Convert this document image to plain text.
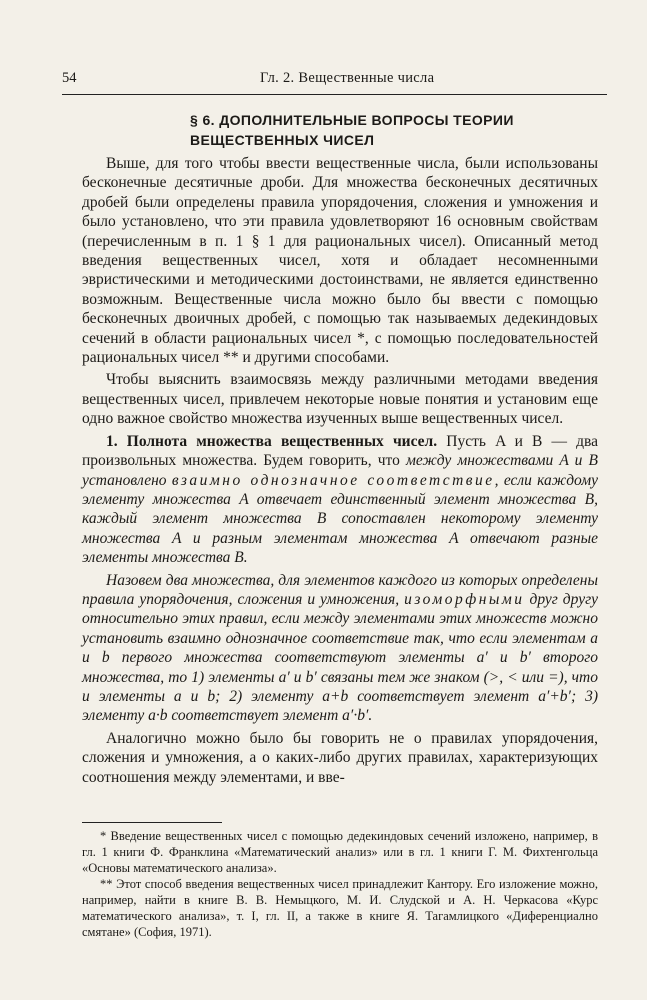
54	Гл. 2. Вещественные числа
§ 6. ДОПОЛНИТЕЛЬНЫЕ ВОПРОСЫ ТЕОРИИ
ВЕЩЕСТВЕННЫХ ЧИСЕЛ

Выше, для того чтобы ввести вещественные числа, были использованы бесконечные десятичные дроби. Для множества бесконечных десятичных дробей были определены правила упорядочения, сложения и умножения и было установлено, что эти правила удовлетворяют 16 основным свойствам (перечисленным в п. 1 § 1 для рациональных чисел). Описанный метод введения вещественных чисел, хотя и обладает несомненными эвристическими и методическими достоинствами, не является единственно возможным. Вещественные числа можно было бы ввести с помощью бесконечных двоичных дробей, с помощью так называемых дедекиндовых сечений в области рациональных чисел *, с помощью последовательностей рациональных чисел ** и другими способами.

Чтобы выяснить взаимосвязь между различными методами введения вещественных чисел, привлечем некоторые новые понятия и установим еще одно важное свойство множества изученных выше вещественных чисел.

1. Полнота множества вещественных чисел. Пусть A и B — два произвольных множества. Будем говорить, что между множествами A и B установлено взаимно однозначное соответствие, если каждому элементу множества A отвечает единственный элемент множества B, каждый элемент множества B сопоставлен некоторому элементу множества A и разным элементам множества A отвечают разные элементы множества B.

Назовем два множества, для элементов каждого из которых определены правила упорядочения, сложения и умножения, изоморфными друг другу относительно этих правил, если между элементами этих множеств можно установить взаимно однозначное соответствие так, что если элементам a и b первого множества соответствуют элементы a′ и b′ второго множества, то 1) элементы a′ и b′ связаны тем же знаком (>, < или =), что и элементы a и b; 2) элементу a+b соответствует элемент a′+b′; 3) элементу a·b соответствует элемент a′·b′.

Аналогично можно было бы говорить не о правилах упорядочения, сложения и умножения, а о каких-либо других правилах, характеризующих соотношения между элементами, и вве-

* Введение вещественных чисел с помощью дедекиндовых сечений изложено, например, в гл. 1 книги Ф. Франклина «Математический анализ» или в гл. 1 книги Г. М. Фихтенгольца «Основы математического анализа».

** Этот способ введения вещественных чисел принадлежит Кантору. Его изложение можно, например, найти в книге В. В. Немыцкого, М. И. Слудской и А. Н. Черкасова «Курс математического анализа», т. I, гл. II, а также в книге Я. Тагамлицкого «Диференциално смятане» (София, 1971).
